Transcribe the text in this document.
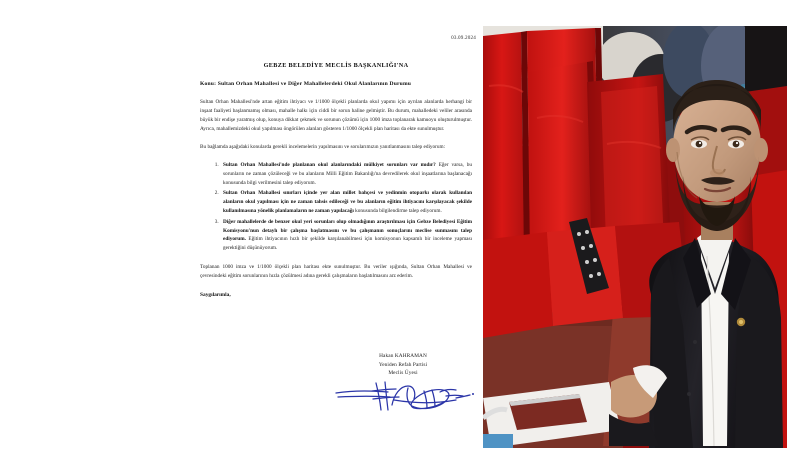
03.09.2024
GEBZE BELEDİYE MECLİS BAŞKANLIĞI'NA
Konu: Sultan Orhan Mahallesi ve Diğer Mahallelerdeki Okul Alanlarının Durumu

Sultan Orhan Mahallesi'nde artan eğitim ihtiyacı ve 1/1000 ölçekli planlarda okul yapımı için ayrılan alanlarda herhangi bir inşaat faaliyeti başlanmamış olması, mahalle halkı için ciddi bir sorun haline gelmiştir. Bu durum, mahalledeki veliler arasında büyük bir endişe yaratmış olup, konuya dikkat çekmek ve sorunun çözümü için 1000 imza toplanarak kamuoyu oluşturulmuştur. Ayrıca, mahallemizdeki okul yapılması öngörülen alanları gösteren 1/1000 ölçekli plan haritası da ekte sunulmuştur.

Bu bağlamda aşağıdaki konularda gerekli incelemelerin yapılmasını ve sorularımızın yanıtlanmasını talep ediyorum:

1. Sultan Orhan Mahallesi'nde planlanan okul alanlarındaki mülkiyet sorunları var mıdır? Eğer varsa, bu sorunların ne zaman çözüleceği ve bu alanların Milli Eğitim Bakanlığı'na devredilerek okul inşaatlarına başlanacağı konusunda bilgi verilmesini talep ediyorum.
2. Sultan Orhan Mahallesi sınırları içinde yer alan millet bahçesi ve yedinmin otoparkı olarak kullanılan alanların okul yapılması için ne zaman tahsis edileceği ve bu alanların eğitim ihtiyacını karşılayacak şekilde kullanılmasına yönelik planlamaların ne zaman yapılacağı konusunda bilgilendirme talep ediyorum.
3. Diğer mahallelerde de benzer okul yeri sorunları olup olmadığının araştırılması için Gebze Belediyesi Eğitim Komisyonu'nun detaylı bir çalışma başlatmasını ve bu çalışmanın sonuçlarını meclise sunmasını talep ediyorum. Eğitim ihtiyacının hızlı bir şekilde karşılanabilmesi için komisyonun kapsamlı bir inceleme yapması gerektiğini düşünüyorum.

Toplanan 1000 imza ve 1/1000 ölçekli plan haritası ekte sunulmuştur. Bu veriler ışığında, Sultan Orhan Mahallesi ve çevresindeki eğitim sorunlarının hızla çözülmesi adına gerekli çalışmaların başlatılmasını arz ederim.

Saygılarımla,

Hakan KAHRAMAN
Yeniden Refah Partisi
Meclis Üyesi
